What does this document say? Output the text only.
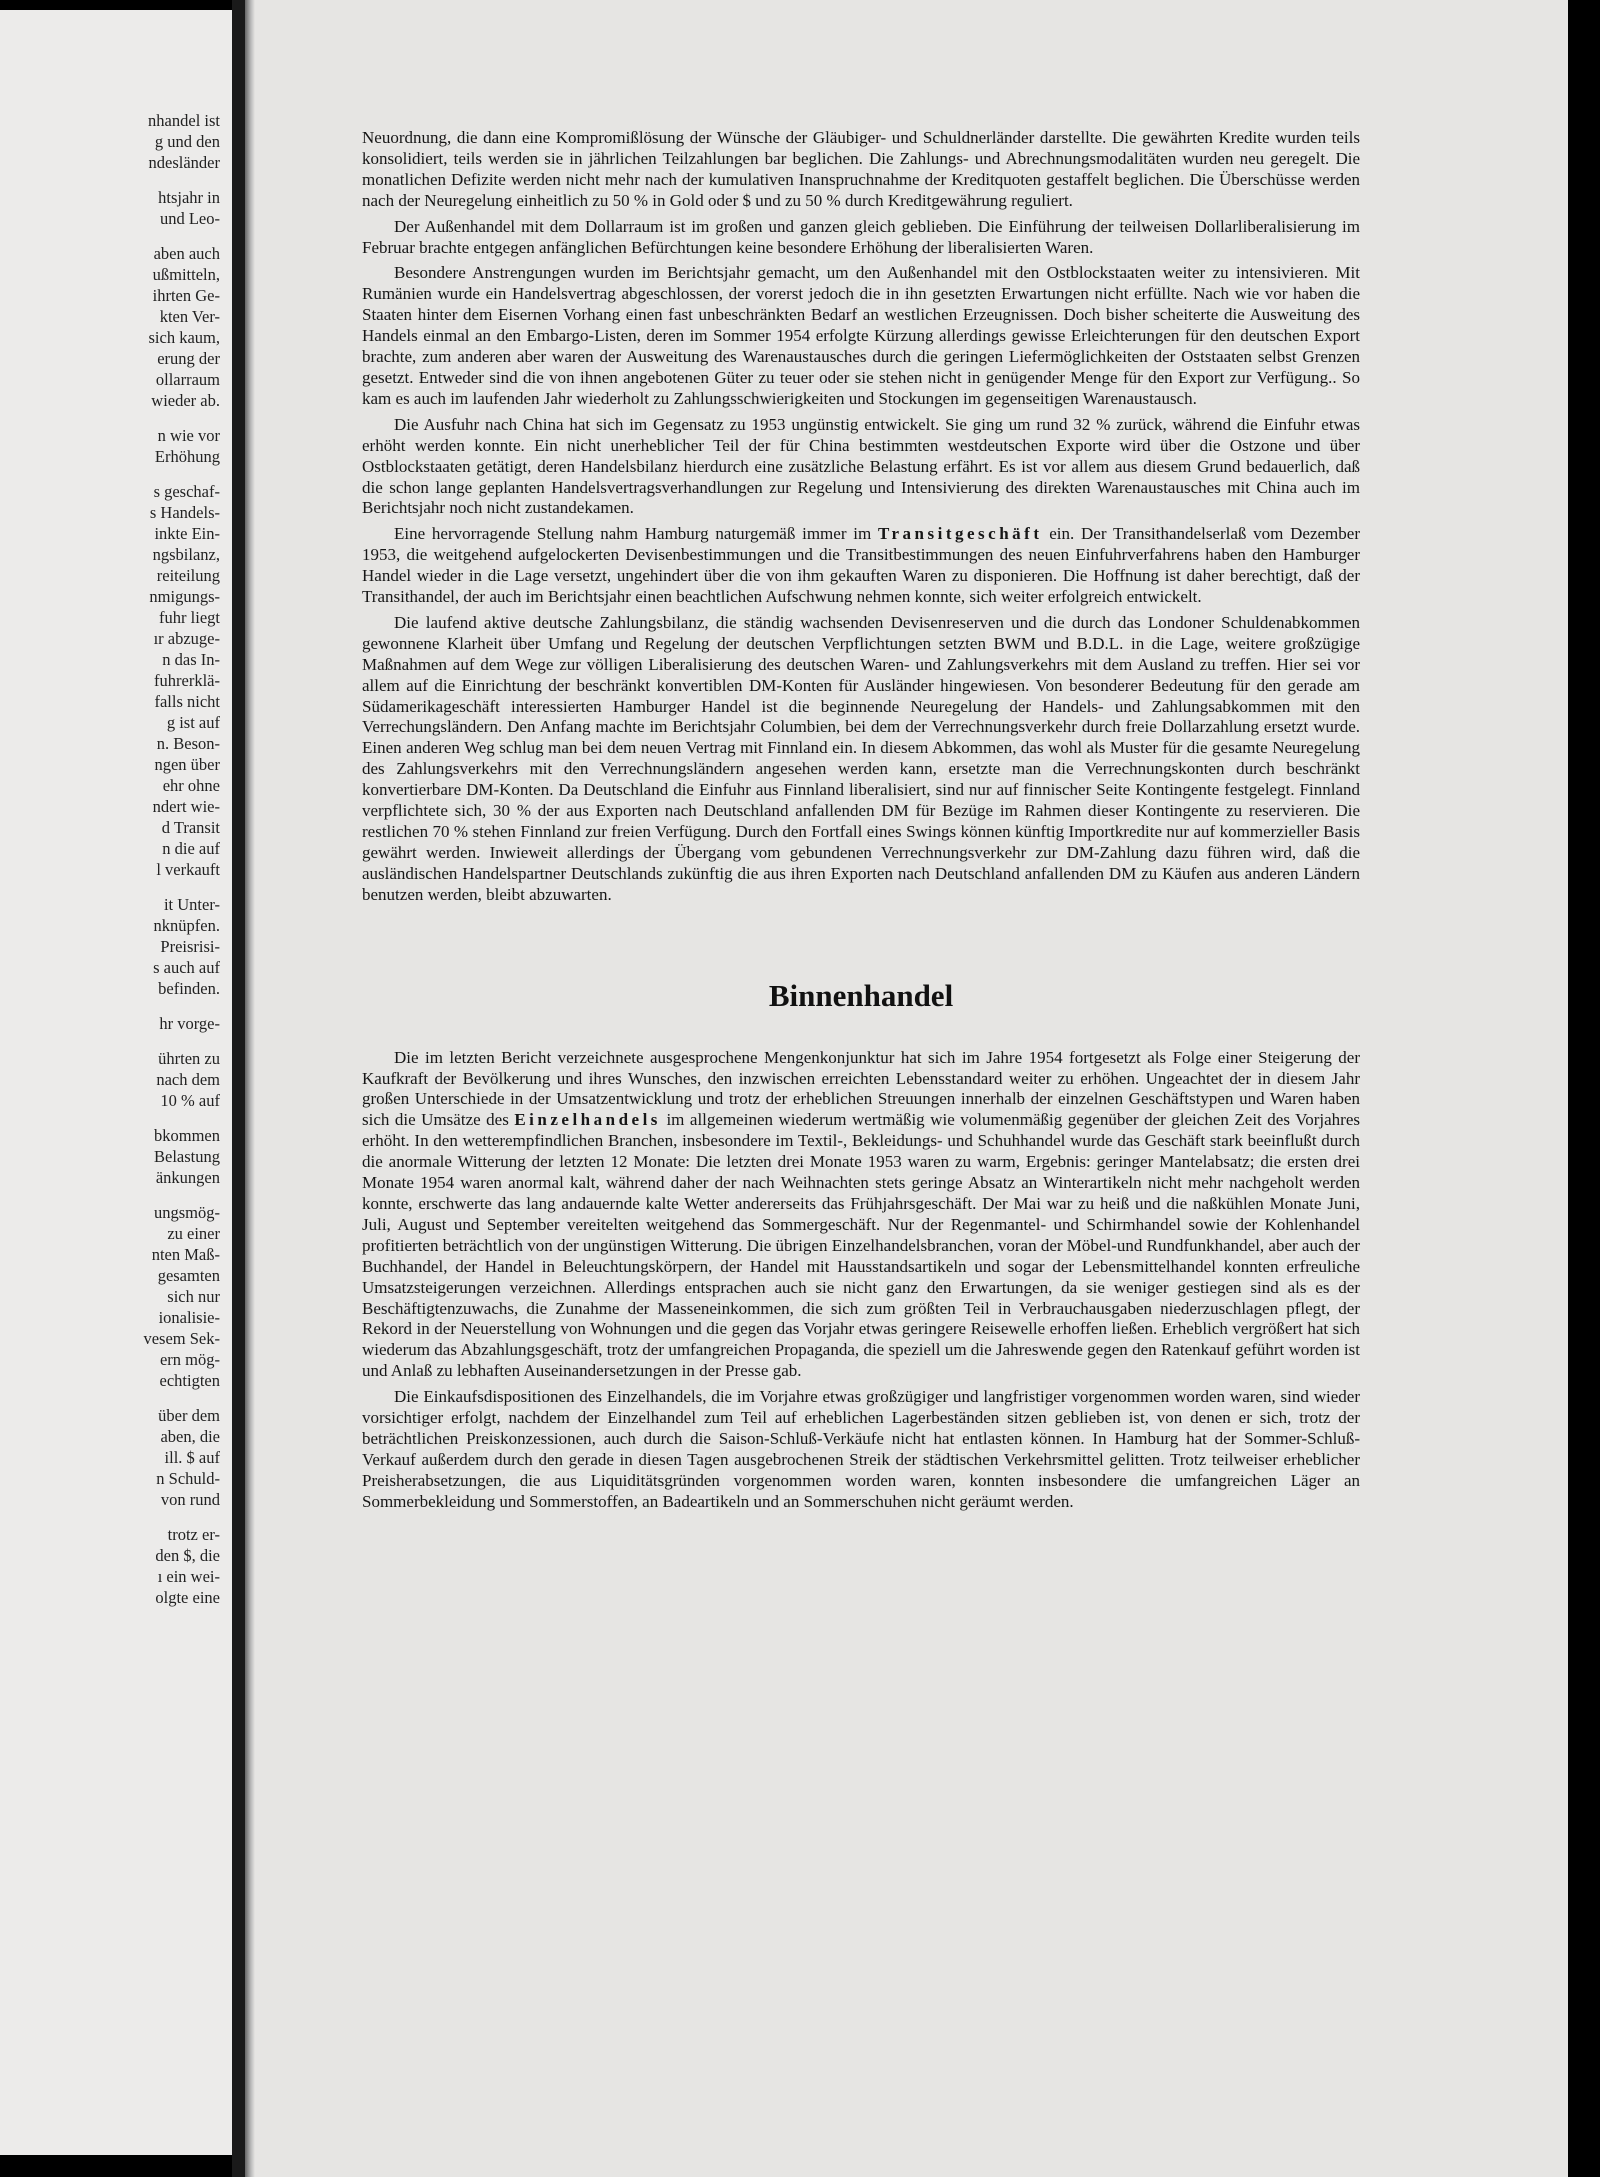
nhandel ist
g und den
ndesländer
htsjahr in
und Leo-
aben auch
ußmitteln,
ihrten Ge-
kten Ver-
sich kaum,
erung der
ollarraum
wieder ab.
n wie vor
Erhöhung
s geschaf-
s Handels-
inkte Ein-
ngsbilanz,
reiteilung
nmigungs-
fuhr liegt
ır abzuge-
n das In-
fuhrerklä-
falls nicht
g ist auf
n. Beson-
ngen über
ehr ohne
ndert wie-
d Transit
n die auf
l verkauft
it Unter-
nknüpfen.
Preisrisi-
s auch auf
befinden.
hr vorge-
ührten zu
nach dem
10 % auf
bkommen
Belastung
änkungen
ungsmög-
zu einer
nten Maß-
gesamten
sich nur
ionalisie-
vesem Sek-
ern mög-
echtigten
über dem
aben, die
ill. $ auf
n Schuld-
von rund
trotz er-
den $, die
ı ein wei-
olgte eine

Neuordnung, die dann eine Kompromißlösung der Wünsche der Gläubiger- und Schuldnerländer darstellte. Die gewährten Kredite wurden teils konsolidiert, teils werden sie in jährlichen Teilzahlungen bar beglichen. Die Zahlungs- und Abrechnungsmodalitäten wurden neu geregelt. Die monatlichen Defizite werden nicht mehr nach der kumulativen Inanspruchnahme der Kreditquoten gestaffelt beglichen. Die Überschüsse werden nach der Neuregelung einheitlich zu 50 % in Gold oder $ und zu 50 % durch Kreditgewährung reguliert.

Der Außenhandel mit dem Dollarraum ist im großen und ganzen gleich geblieben. Die Einführung der teilweisen Dollarliberalisierung im Februar brachte entgegen anfänglichen Befürchtungen keine besondere Erhöhung der liberalisierten Waren.

Besondere Anstrengungen wurden im Berichtsjahr gemacht, um den Außenhandel mit den Ostblockstaaten weiter zu intensivieren. Mit Rumänien wurde ein Handelsvertrag abgeschlossen, der vorerst jedoch die in ihn gesetzten Erwartungen nicht erfüllte. Nach wie vor haben die Staaten hinter dem Eisernen Vorhang einen fast unbeschränkten Bedarf an westlichen Erzeugnissen. Doch bisher scheiterte die Ausweitung des Handels einmal an den Embargo-Listen, deren im Sommer 1954 erfolgte Kürzung allerdings gewisse Erleichterungen für den deutschen Export brachte, zum anderen aber waren der Ausweitung des Warenaustausches durch die geringen Liefermöglichkeiten der Oststaaten selbst Grenzen gesetzt. Entweder sind die von ihnen angebotenen Güter zu teuer oder sie stehen nicht in genügender Menge für den Export zur Verfügung.. So kam es auch im laufenden Jahr wiederholt zu Zahlungsschwierigkeiten und Stockungen im gegenseitigen Warenaustausch.

Die Ausfuhr nach China hat sich im Gegensatz zu 1953 ungünstig entwickelt. Sie ging um rund 32 % zurück, während die Einfuhr etwas erhöht werden konnte. Ein nicht unerheblicher Teil der für China bestimmten westdeutschen Exporte wird über die Ostzone und über Ostblockstaaten getätigt, deren Handelsbilanz hierdurch eine zusätzliche Belastung erfährt. Es ist vor allem aus diesem Grund bedauerlich, daß die schon lange geplanten Handelsvertragsverhandlungen zur Regelung und Intensivierung des direkten Warenaustausches mit China auch im Berichtsjahr noch nicht zustandekamen.

Eine hervorragende Stellung nahm Hamburg naturgemäß immer im Transitgeschäft ein. Der Transithandelserlaß vom Dezember 1953, die weitgehend aufgelockerten Devisenbestimmungen und die Transitbestimmungen des neuen Einfuhrverfahrens haben den Hamburger Handel wieder in die Lage versetzt, ungehindert über die von ihm gekauften Waren zu disponieren. Die Hoffnung ist daher berechtigt, daß der Transithandel, der auch im Berichtsjahr einen beachtlichen Aufschwung nehmen konnte, sich weiter erfolgreich entwickelt.

Die laufend aktive deutsche Zahlungsbilanz, die ständig wachsenden Devisenreserven und die durch das Londoner Schuldenabkommen gewonnene Klarheit über Umfang und Regelung der deutschen Verpflichtungen setzten BWM und B.D.L. in die Lage, weitere großzügige Maßnahmen auf dem Wege zur völligen Liberalisierung des deutschen Waren- und Zahlungsverkehrs mit dem Ausland zu treffen. Hier sei vor allem auf die Einrichtung der beschränkt konvertiblen DM-Konten für Ausländer hingewiesen. Von besonderer Bedeutung für den gerade am Südamerikageschäft interessierten Hamburger Handel ist die beginnende Neuregelung der Handels- und Zahlungsabkommen mit den Verrechungsländern. Den Anfang machte im Berichtsjahr Columbien, bei dem der Verrechnungsverkehr durch freie Dollarzahlung ersetzt wurde. Einen anderen Weg schlug man bei dem neuen Vertrag mit Finnland ein. In diesem Abkommen, das wohl als Muster für die gesamte Neuregelung des Zahlungsverkehrs mit den Verrechnungsländern angesehen werden kann, ersetzte man die Verrechnungskonten durch beschränkt konvertierbare DM-Konten. Da Deutschland die Einfuhr aus Finnland liberalisiert, sind nur auf finnischer Seite Kontingente festgelegt. Finnland verpflichtete sich, 30 % der aus Exporten nach Deutschland anfallenden DM für Bezüge im Rahmen dieser Kontingente zu reservieren. Die restlichen 70 % stehen Finnland zur freien Verfügung. Durch den Fortfall eines Swings können künftig Importkredite nur auf kommerzieller Basis gewährt werden. Inwieweit allerdings der Übergang vom gebundenen Verrechnungsverkehr zur DM-Zahlung dazu führen wird, daß die ausländischen Handelspartner Deutschlands zukünftig die aus ihren Exporten nach Deutschland anfallenden DM zu Käufen aus anderen Ländern benutzen werden, bleibt abzuwarten.

Binnenhandel

Die im letzten Bericht verzeichnete ausgesprochene Mengenkonjunktur hat sich im Jahre 1954 fortgesetzt als Folge einer Steigerung der Kaufkraft der Bevölkerung und ihres Wunsches, den inzwischen erreichten Lebensstandard weiter zu erhöhen. Ungeachtet der in diesem Jahr großen Unterschiede in der Umsatzentwicklung und trotz der erheblichen Streuungen innerhalb der einzelnen Geschäftstypen und Waren haben sich die Umsätze des Einzelhandels im allgemeinen wiederum wertmäßig wie volumenmäßig gegenüber der gleichen Zeit des Vorjahres erhöht. In den wetterempfindlichen Branchen, insbesondere im Textil-, Bekleidungs- und Schuhhandel wurde das Geschäft stark beeinflußt durch die anormale Witterung der letzten 12 Monate: Die letzten drei Monate 1953 waren zu warm, Ergebnis: geringer Mantelabsatz; die ersten drei Monate 1954 waren anormal kalt, während daher der nach Weihnachten stets geringe Absatz an Winterartikeln nicht mehr nachgeholt werden konnte, erschwerte das lang andauernde kalte Wetter andererseits das Frühjahrsgeschäft. Der Mai war zu heiß und die naßkühlen Monate Juni, Juli, August und September vereitelten weitgehend das Sommergeschäft. Nur der Regenmantel- und Schirmhandel sowie der Kohlenhandel profitierten beträchtlich von der ungünstigen Witterung. Die übrigen Einzelhandelsbranchen, voran der Möbel-und Rundfunkhandel, aber auch der Buchhandel, der Handel in Beleuchtungskörpern, der Handel mit Hausstandsartikeln und sogar der Lebensmittelhandel konnten erfreuliche Umsatzsteigerungen verzeichnen. Allerdings entsprachen auch sie nicht ganz den Erwartungen, da sie weniger gestiegen sind als es der Beschäftigtenzuwachs, die Zunahme der Masseneinkommen, die sich zum größten Teil in Verbrauchausgaben niederzuschlagen pflegt, der Rekord in der Neuerstellung von Wohnungen und die gegen das Vorjahr etwas geringere Reisewelle erhoffen ließen. Erheblich vergrößert hat sich wiederum das Abzahlungsgeschäft, trotz der umfangreichen Propaganda, die speziell um die Jahreswende gegen den Ratenkauf geführt worden ist und Anlaß zu lebhaften Auseinandersetzungen in der Presse gab.

Die Einkaufsdispositionen des Einzelhandels, die im Vorjahre etwas großzügiger und langfristiger vorgenommen worden waren, sind wieder vorsichtiger erfolgt, nachdem der Einzelhandel zum Teil auf erheblichen Lagerbeständen sitzen geblieben ist, von denen er sich, trotz der beträchtlichen Preiskonzessionen, auch durch die Saison-Schluß-Verkäufe nicht hat entlasten können. In Hamburg hat der Sommer-Schluß-Verkauf außerdem durch den gerade in diesen Tagen ausgebrochenen Streik der städtischen Verkehrsmittel gelitten. Trotz teilweiser erheblicher Preisherabsetzungen, die aus Liquiditätsgründen vorgenommen worden waren, konnten insbesondere die umfangreichen Läger an Sommerbekleidung und Sommerstoffen, an Badeartikeln und an Sommerschuhen nicht geräumt werden.
